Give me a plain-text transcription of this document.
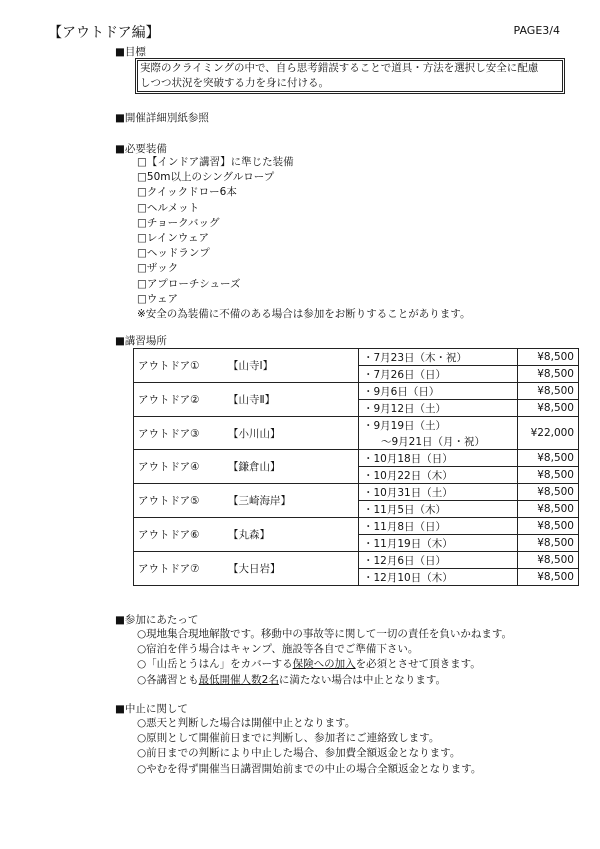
【アウトドア編】	PAGE3/4
■目標
実際のクライミングの中で、自ら思考錯誤することで道具・方法を選択し安全に配慮
しつつ状況を突破する力を身に付ける。
■開催詳細別紙参照
■必要装備
□【インドア講習】に準じた装備
□50m以上のシングルロープ
□クイックドロー6本
□ヘルメット
□チョークバッグ
□レインウェア
□ヘッドランプ
□ザック
□アプローチシューズ
□ウェア
※安全の為装備に不備のある場合は参加をお断りすることがあります。
■講習場所
アウトドア① 【山寺Ⅰ】	・7月23日（木・祝）	¥8,500
	・7月26日（日）	¥8,500
アウトドア② 【山寺Ⅱ】	・9月6日（日）	¥8,500
	・9月12日（土）	¥8,500
アウトドア③ 【小川山】	・9月19日（土）	¥22,000
	～9月21日（月・祝）	
アウトドア④ 【鎌倉山】	・10月18日（日）	¥8,500
	・10月22日（木）	¥8,500
アウトドア⑤ 【三崎海岸】	・10月31日（土）	¥8,500
	・11月5日（木）	¥8,500
アウトドア⑥ 【丸森】	・11月8日（日）	¥8,500
	・11月19日（木）	¥8,500
アウトドア⑦ 【大日岩】	・12月6日（日）	¥8,500
	・12月10日（木）	¥8,500
■参加にあたって
○現地集合現地解散です。移動中の事故等に関して一切の責任を負いかねます。
○宿泊を伴う場合はキャンプ、施設等各自でご準備下さい。
○「山岳とうはん」をカバーする保険への加入を必須とさせて頂きます。
○各講習とも最低開催人数2名に満たない場合は中止となります。
■中止に関して
○悪天と判断した場合は開催中止となります。
○原則として開催前日までに判断し、参加者にご連絡致します。
○前日までの判断により中止した場合、参加費全額返金となります。
○やむを得ず開催当日講習開始前までの中止の場合全額返金となります。
